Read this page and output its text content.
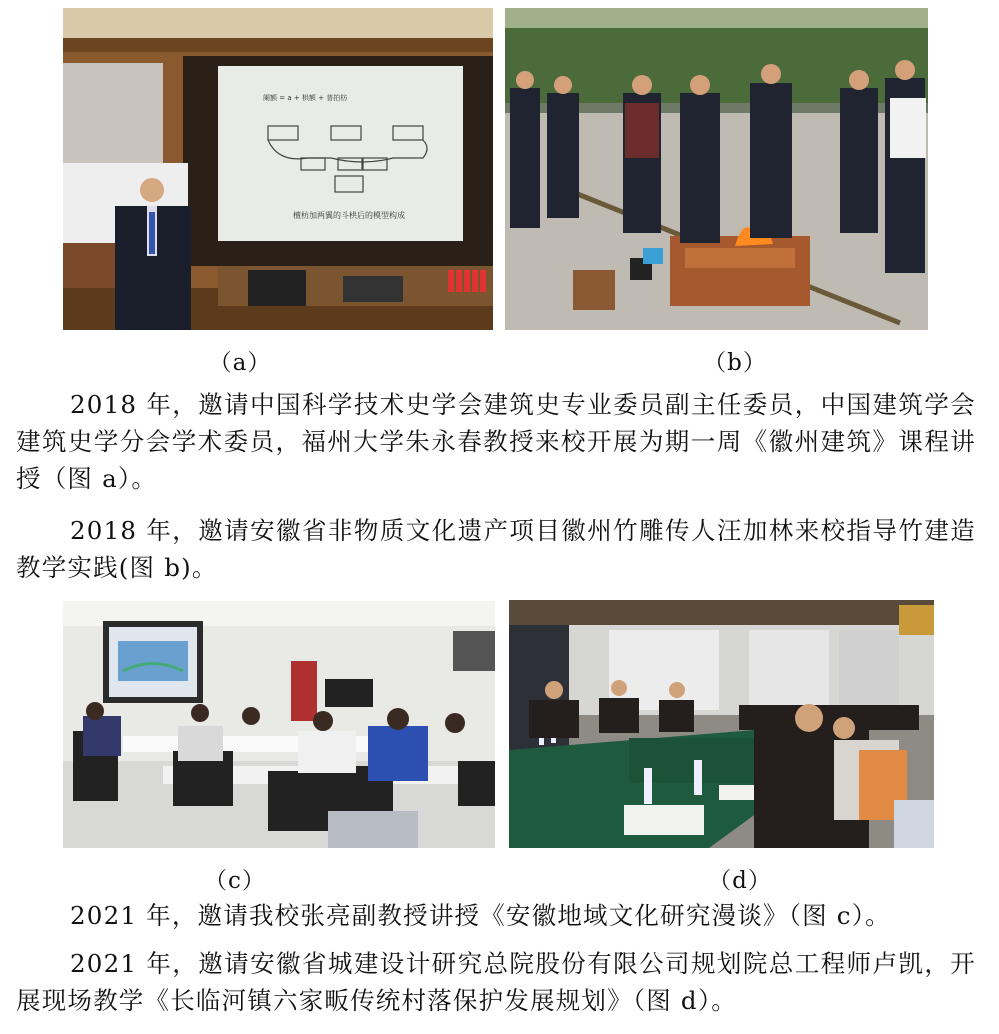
阑额 = a + 栱额 + 普拍枋
檀枋加两翼的斗栱后的模型构成
（a）	（b）

2018 年，邀请中国科学技术史学会建筑史专业委员副主任委员，中国建筑学会建筑史学分会学术委员，福州大学朱永春教授来校开展为期一周《徽州建筑》课程讲授（图 a）。

2018 年，邀请安徽省非物质文化遗产项目徽州竹雕传人汪加林来校指导竹建造教学实践(图 b)。

（c）	（d）

2021 年，邀请我校张亮副教授讲授《安徽地域文化研究漫谈》（图 c）。

2021 年，邀请安徽省城建设计研究总院股份有限公司规划院总工程师卢凯，开展现场教学《长临河镇六家畈传统村落保护发展规划》（图 d）。
